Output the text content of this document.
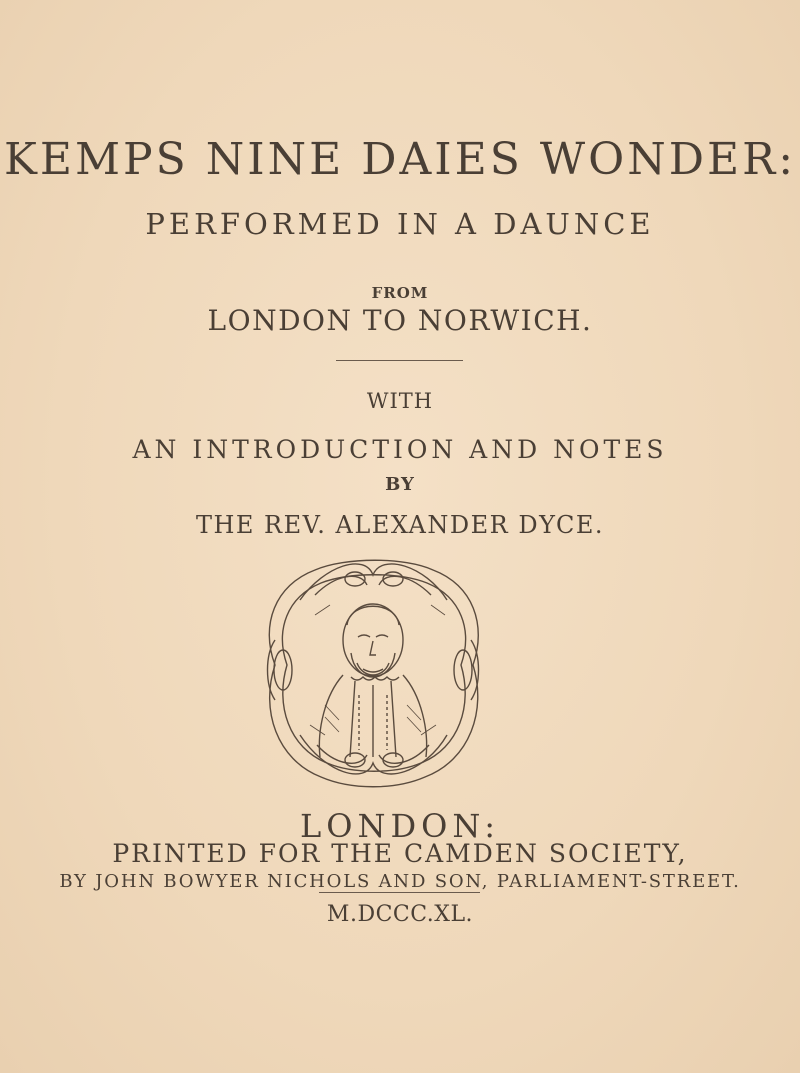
KEMPS NINE DAIES WONDER:
PERFORMED IN A DAUNCE
FROM
LONDON TO NORWICH.
WITH
AN INTRODUCTION AND NOTES
BY
THE REV. ALEXANDER DYCE.
LONDON:
PRINTED FOR THE CAMDEN SOCIETY,
BY JOHN BOWYER NICHOLS AND SON, PARLIAMENT-STREET.
M.DCCC.XL.
